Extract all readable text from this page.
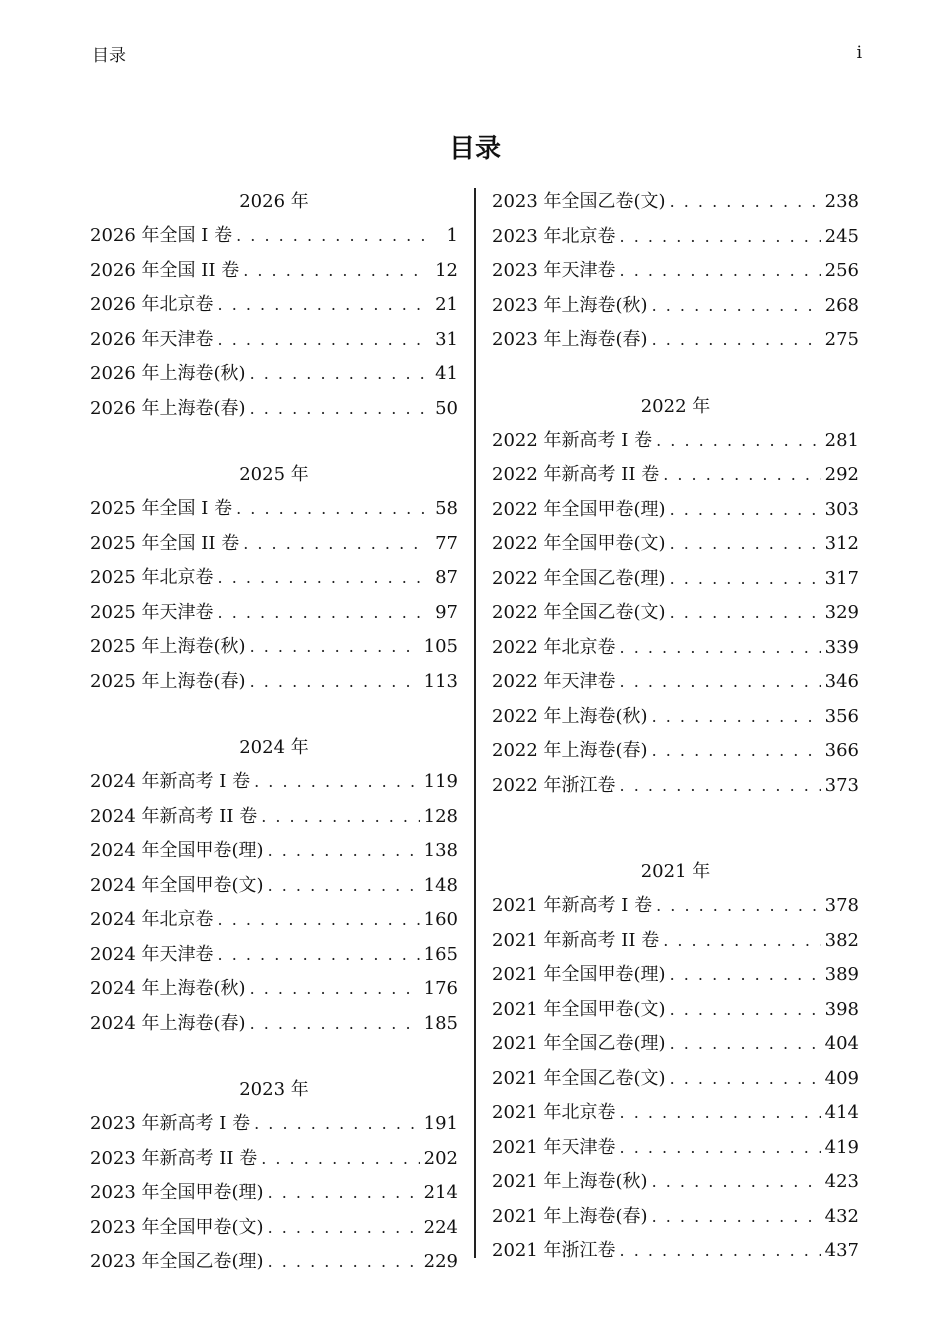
目录	i
目录
2026 年
2026 年全国 I 卷 . . .	1
2026 年全国 II 卷 . . .	12
2026 年北京卷 . . .	21
2026 年天津卷 . . .	31
2026 年上海卷(秋) . . .	41
2026 年上海卷(春) . . .	50
2025 年
2025 年全国 I 卷 . . .	58
2025 年全国 II 卷 . . .	77
2025 年北京卷 . . .	87
2025 年天津卷 . . .	97
2025 年上海卷(秋) . . .	105
2025 年上海卷(春) . . .	113
2024 年
2024 年新高考 I 卷 . . .	119
2024 年新高考 II 卷 . . .	128
2024 年全国甲卷(理) . . .	138
2024 年全国甲卷(文) . . .	148
2024 年北京卷 . . .	160
2024 年天津卷 . . .	165
2024 年上海卷(秋) . . .	176
2024 年上海卷(春) . . .	185
2023 年
2023 年新高考 I 卷 . . .	191
2023 年新高考 II 卷 . . .	202
2023 年全国甲卷(理) . . .	214
2023 年全国甲卷(文) . . .	224
2023 年全国乙卷(理) . . .	229
2023 年全国乙卷(文) . . .	238
2023 年北京卷 . . .	245
2023 年天津卷 . . .	256
2023 年上海卷(秋) . . .	268
2023 年上海卷(春) . . .	275
2022 年
2022 年新高考 I 卷 . . .	281
2022 年新高考 II 卷 . . .	292
2022 年全国甲卷(理) . . .	303
2022 年全国甲卷(文) . . .	312
2022 年全国乙卷(理) . . .	317
2022 年全国乙卷(文) . . .	329
2022 年北京卷 . . .	339
2022 年天津卷 . . .	346
2022 年上海卷(秋) . . .	356
2022 年上海卷(春) . . .	366
2022 年浙江卷 . . .	373
2021 年
2021 年新高考 I 卷 . . .	378
2021 年新高考 II 卷 . . .	382
2021 年全国甲卷(理) . . .	389
2021 年全国甲卷(文) . . .	398
2021 年全国乙卷(理) . . .	404
2021 年全国乙卷(文) . . .	409
2021 年北京卷 . . .	414
2021 年天津卷 . . .	419
2021 年上海卷(秋) . . .	423
2021 年上海卷(春) . . .	432
2021 年浙江卷 . . .	437
